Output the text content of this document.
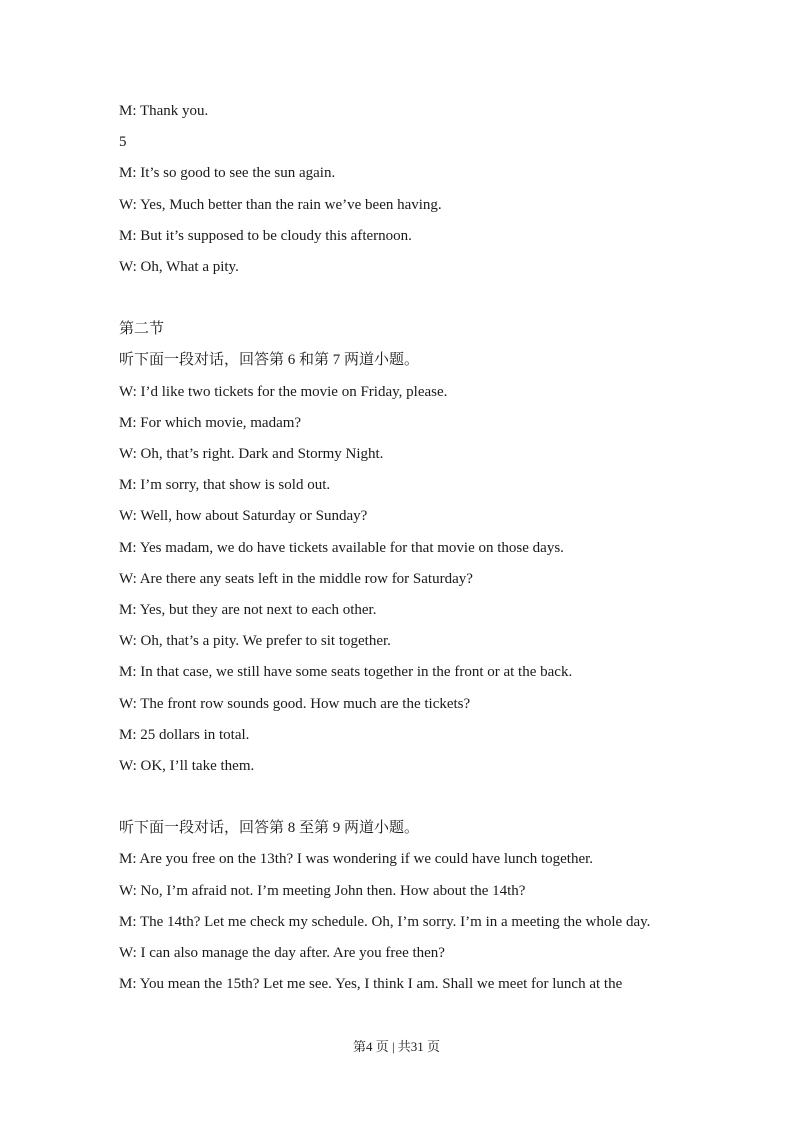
M: Thank you.
5
M: It’s so good to see the sun again.
W: Yes, Much better than the rain we’ve been having.
M: But it’s supposed to be cloudy this afternoon.
W: Oh, What a pity.
第二节
听下面一段对话，回答第 6 和第 7 两道小题。
W: I’d like two tickets for the movie on Friday, please.
M: For which movie, madam?
W: Oh, that’s right. Dark and Stormy Night.
M: I’m sorry, that show is sold out.
W: Well, how about Saturday or Sunday?
M: Yes madam, we do have tickets available for that movie on those days.
W: Are there any seats left in the middle row for Saturday?
M: Yes, but they are not next to each other.
W: Oh, that’s a pity. We prefer to sit together.
M: In that case, we still have some seats together in the front or at the back.
W: The front row sounds good. How much are the tickets?
M: 25 dollars in total.
W: OK, I’ll take them.
听下面一段对话，回答第 8 至第 9 两道小题。
M: Are you free on the 13th? I was wondering if we could have lunch together.
W: No, I’m afraid not. I’m meeting John then. How about the 14th?
M: The 14th? Let me check my schedule. Oh, I’m sorry. I’m in a meeting the whole day.
W: I can also manage the day after. Are you free then?
M: You mean the 15th? Let me see. Yes, I think I am. Shall we meet for lunch at the
第4 页 | 共31 页
